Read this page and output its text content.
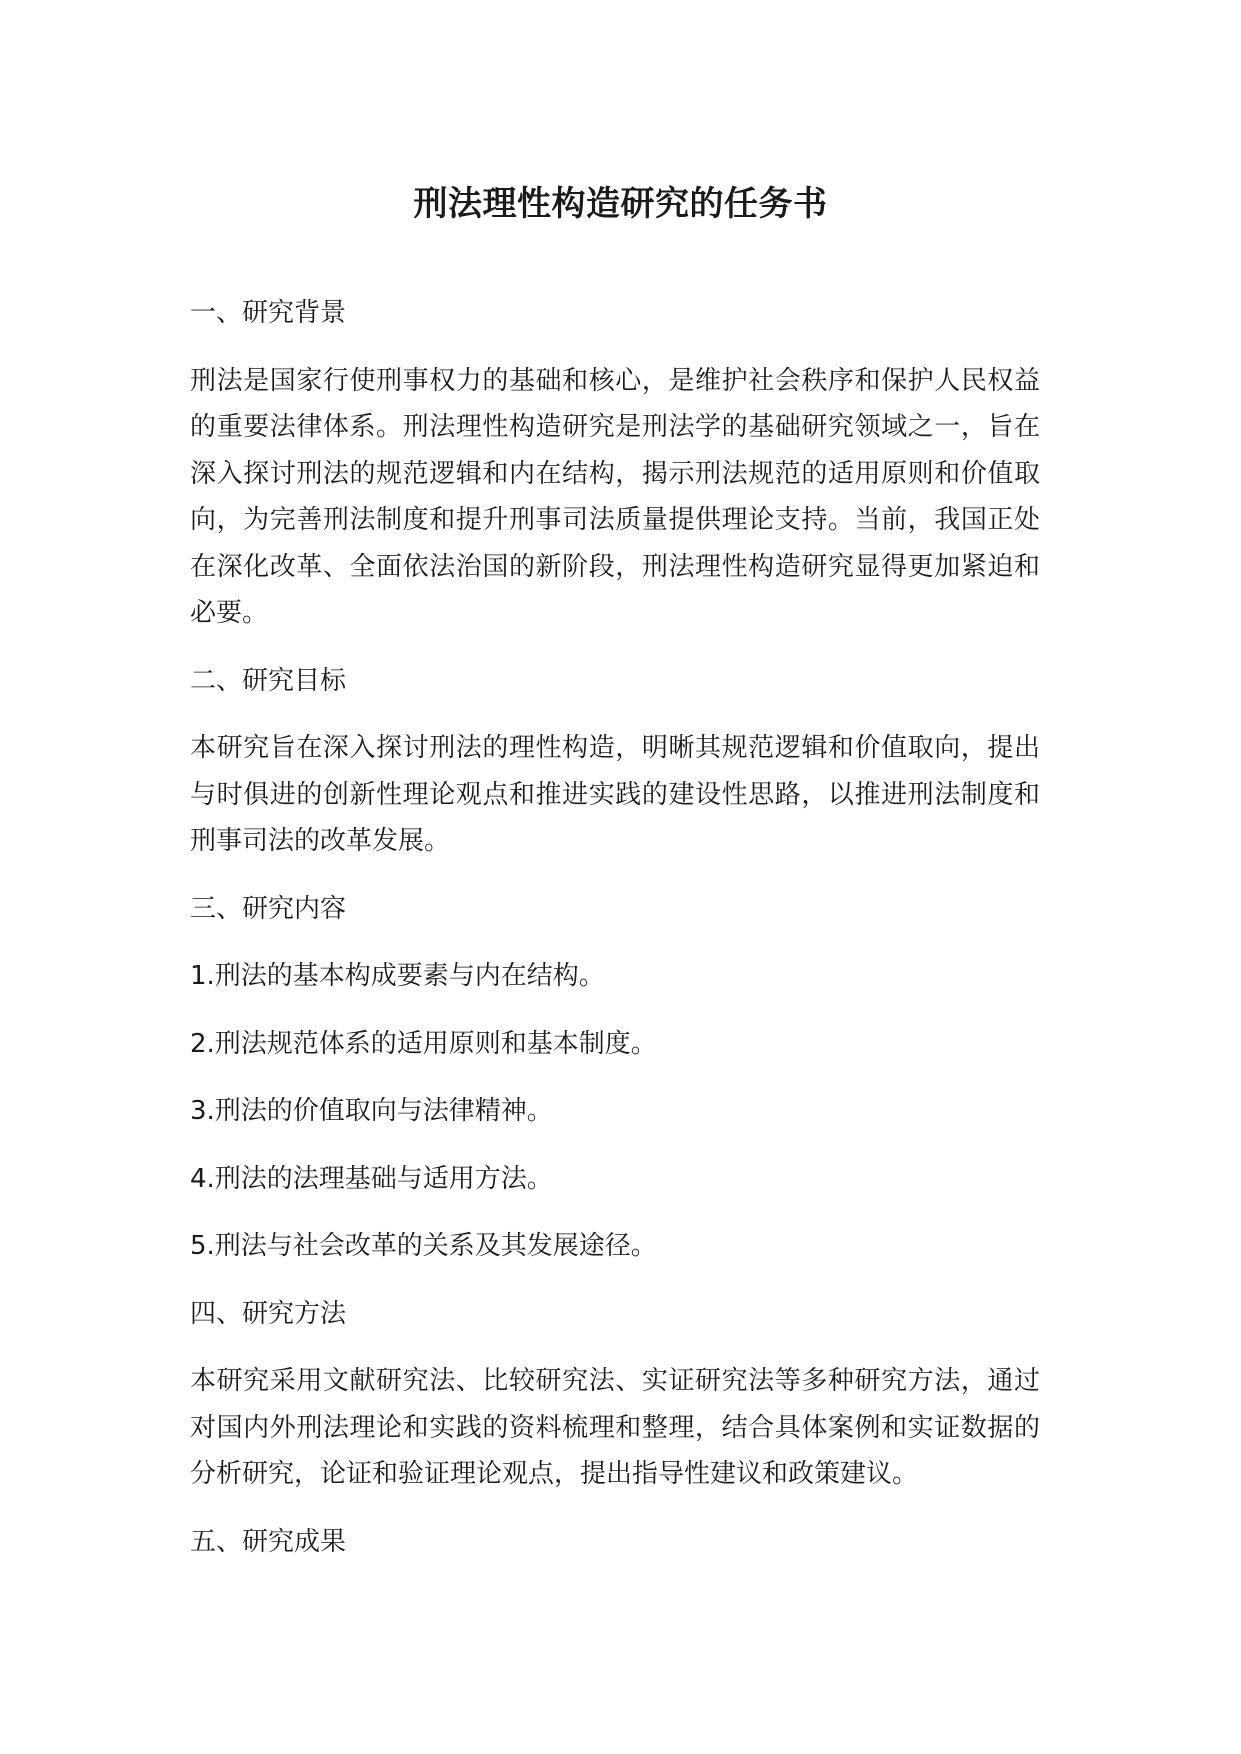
刑法理性构造研究的任务书
一、研究背景
刑法是国家行使刑事权力的基础和核心，是维护社会秩序和保护人民权益的重要法律体系。刑法理性构造研究是刑法学的基础研究领域之一，旨在深入探讨刑法的规范逻辑和内在结构，揭示刑法规范的适用原则和价值取向，为完善刑法制度和提升刑事司法质量提供理论支持。当前，我国正处在深化改革、全面依法治国的新阶段，刑法理性构造研究显得更加紧迫和必要。
二、研究目标
本研究旨在深入探讨刑法的理性构造，明晰其规范逻辑和价值取向，提出与时俱进的创新性理论观点和推进实践的建设性思路，以推进刑法制度和刑事司法的改革发展。
三、研究内容
1.刑法的基本构成要素与内在结构。
2.刑法规范体系的适用原则和基本制度。
3.刑法的价值取向与法律精神。
4.刑法的法理基础与适用方法。
5.刑法与社会改革的关系及其发展途径。
四、研究方法
本研究采用文献研究法、比较研究法、实证研究法等多种研究方法，通过对国内外刑法理论和实践的资料梳理和整理，结合具体案例和实证数据的分析研究，论证和验证理论观点，提出指导性建议和政策建议。
五、研究成果
